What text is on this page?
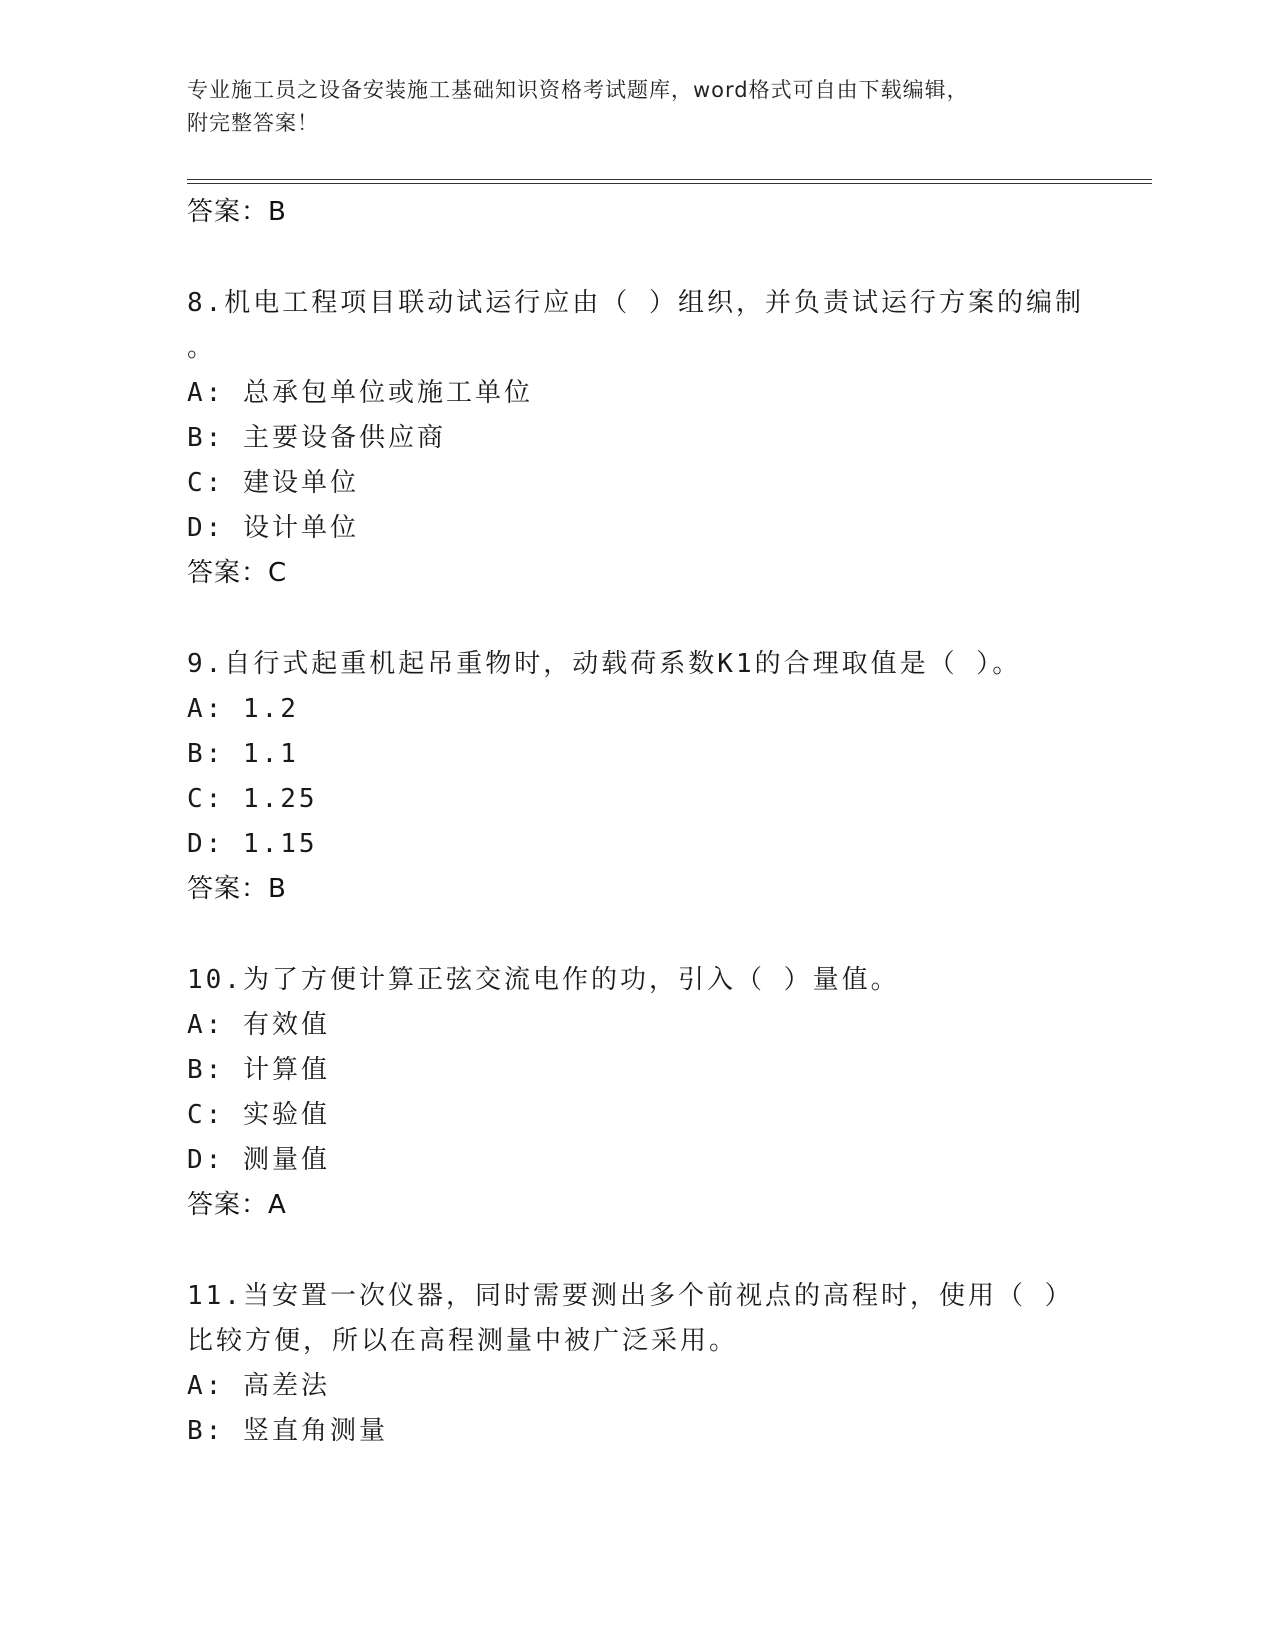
专业施工员之设备安装施工基础知识资格考试题库，word格式可自由下载编辑，
附完整答案！
答案：B
8.机电工程项目联动试运行应由（ ）组织，并负责试运行方案的编制
。
A: 总承包单位或施工单位
B: 主要设备供应商
C: 建设单位
D: 设计单位
答案：C
9.自行式起重机起吊重物时，动载荷系数K1的合理取值是（ ）。
A: 1.2
B: 1.1
C: 1.25
D: 1.15
答案：B
10.为了方便计算正弦交流电作的功，引入（ ）量值。
A: 有效值
B: 计算值
C: 实验值
D: 测量值
答案：A
11.当安置一次仪器，同时需要测出多个前视点的高程时，使用（ ）
比较方便，所以在高程测量中被广泛采用。
A: 高差法
B: 竖直角测量
